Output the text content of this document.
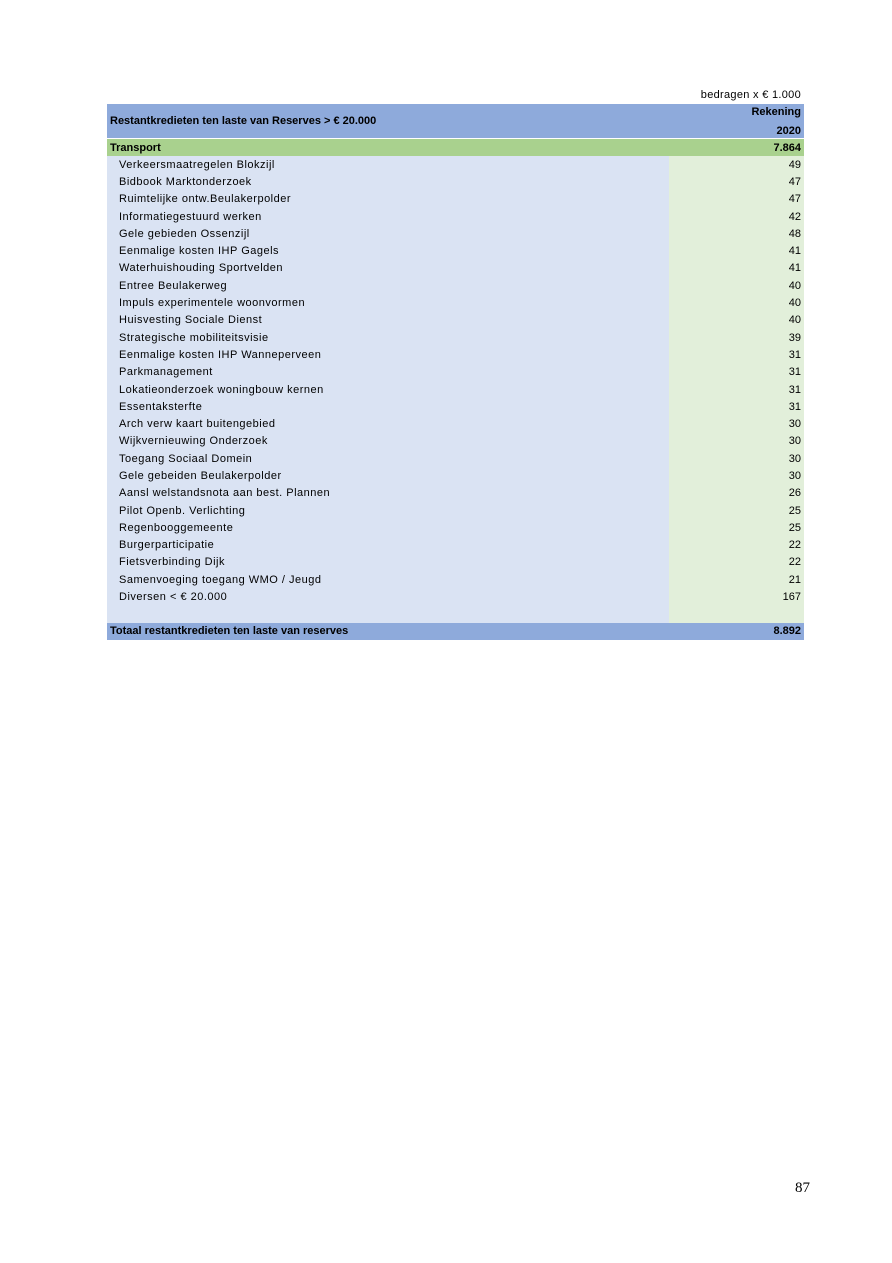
bedragen x € 1.000
Restantkredieten ten laste van Reserves > € 20.000
Rekening
2020
Transport	7.864
Verkeersmaatregelen Blokzijl	49
Bidbook Marktonderzoek	47
Ruimtelijke ontw.Beulakerpolder	47
Informatiegestuurd werken	42
Gele gebieden Ossenzijl	48
Eenmalige kosten IHP Gagels	41
Waterhuishouding Sportvelden	41
Entree Beulakerweg	40
Impuls experimentele woonvormen	40
Huisvesting Sociale Dienst	40
Strategische mobiliteitsvisie	39
Eenmalige kosten IHP Wanneperveen	31
Parkmanagement	31
Lokatieonderzoek woningbouw kernen	31
Essentaksterfte	31
Arch verw kaart buitengebied	30
Wijkvernieuwing Onderzoek	30
Toegang Sociaal Domein	30
Gele gebeiden Beulakerpolder	30
Aansl welstandsnota aan best. Plannen	26
Pilot Openb. Verlichting	25
Regenbooggemeente	25
Burgerparticipatie	22
Fietsverbinding Dijk	22
Samenvoeging toegang WMO / Jeugd	21
Diversen < € 20.000	167
Totaal restantkredieten ten laste van reserves	8.892
87
